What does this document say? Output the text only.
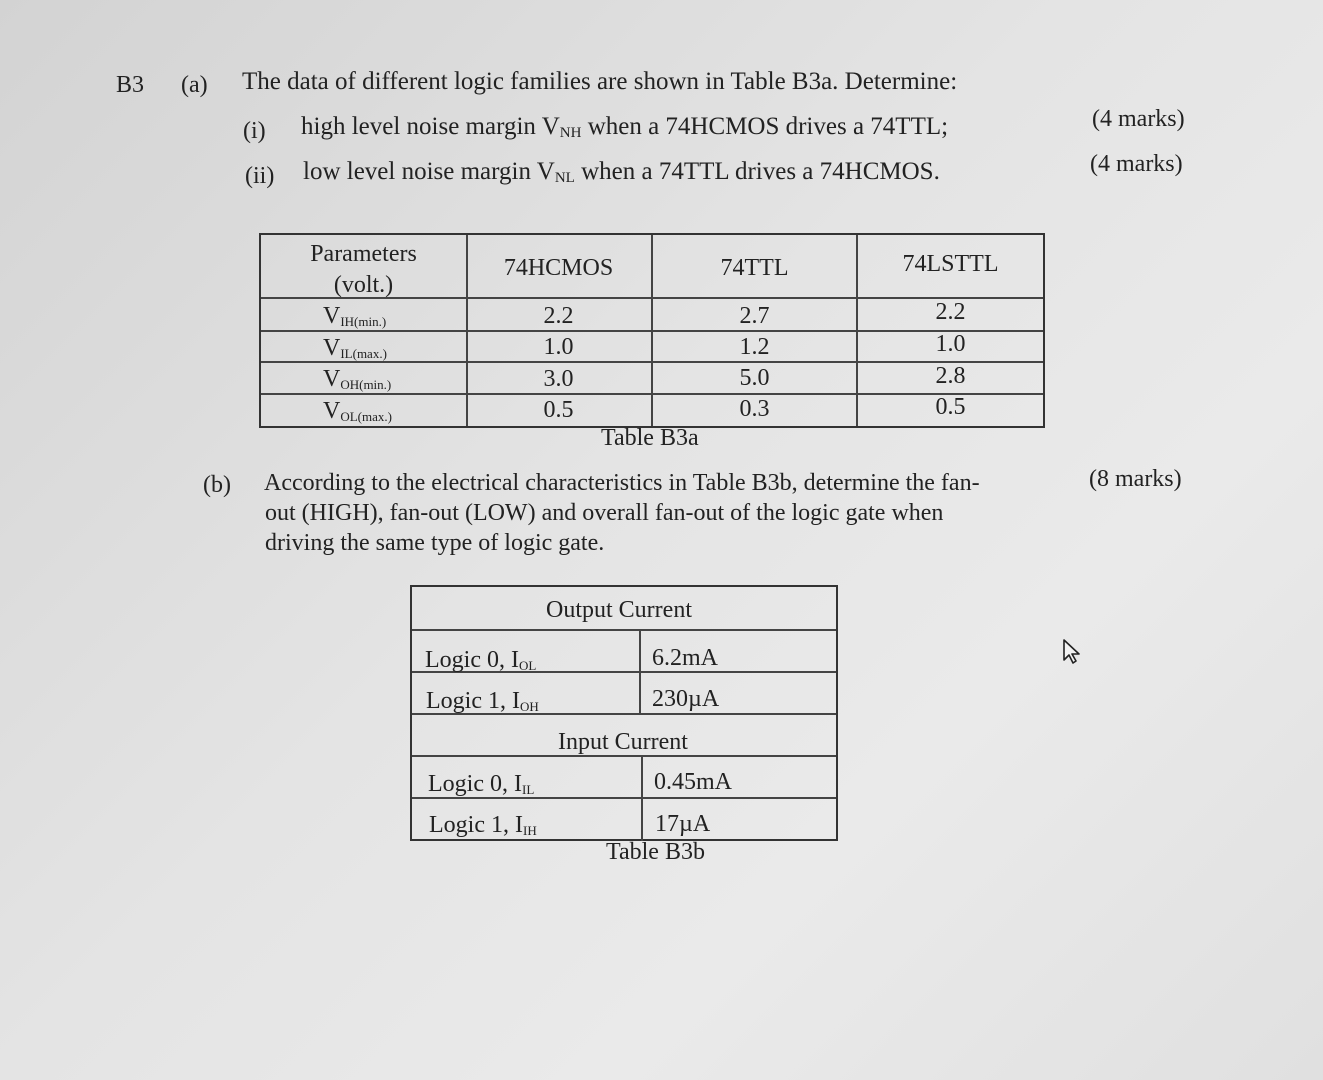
B3 (a) The data of different logic families are shown in Table B3a. Determine:
(i) high level noise margin $V_{NH}$ when a 74HCMOS drives a 74TTL;	(4 marks)
(ii) low level noise margin $V_{NL}$ when a 74TTL drives a 74HCMOS.	(4 marks)
Parameters
(volt.)
74HCMOS	74TTL	74LSTTL
$V_{IH(min.)}$	2.2	2.7	2.2
$V_{IL(max.)}$	1.0	1.2	1.0
$V_{OH(min.)}$	3.0	5.0	2.8
$V_{OL(max.)}$	0.5	0.3	0.5
Table B3a
(b) According to the electrical characteristics in Table B3b, determine the fan-
out (HIGH), fan-out (LOW) and overall fan-out of the logic gate when
driving the same type of logic gate.
(8 marks)
Output Current
Logic 0, $I_{OL}$	6.2mA
Logic 1, $I_{OH}$	230µA
Input Current
Logic 0, $I_{IL}$	0.45mA
Logic 1, $I_{IH}$	17µA
Table B3b
